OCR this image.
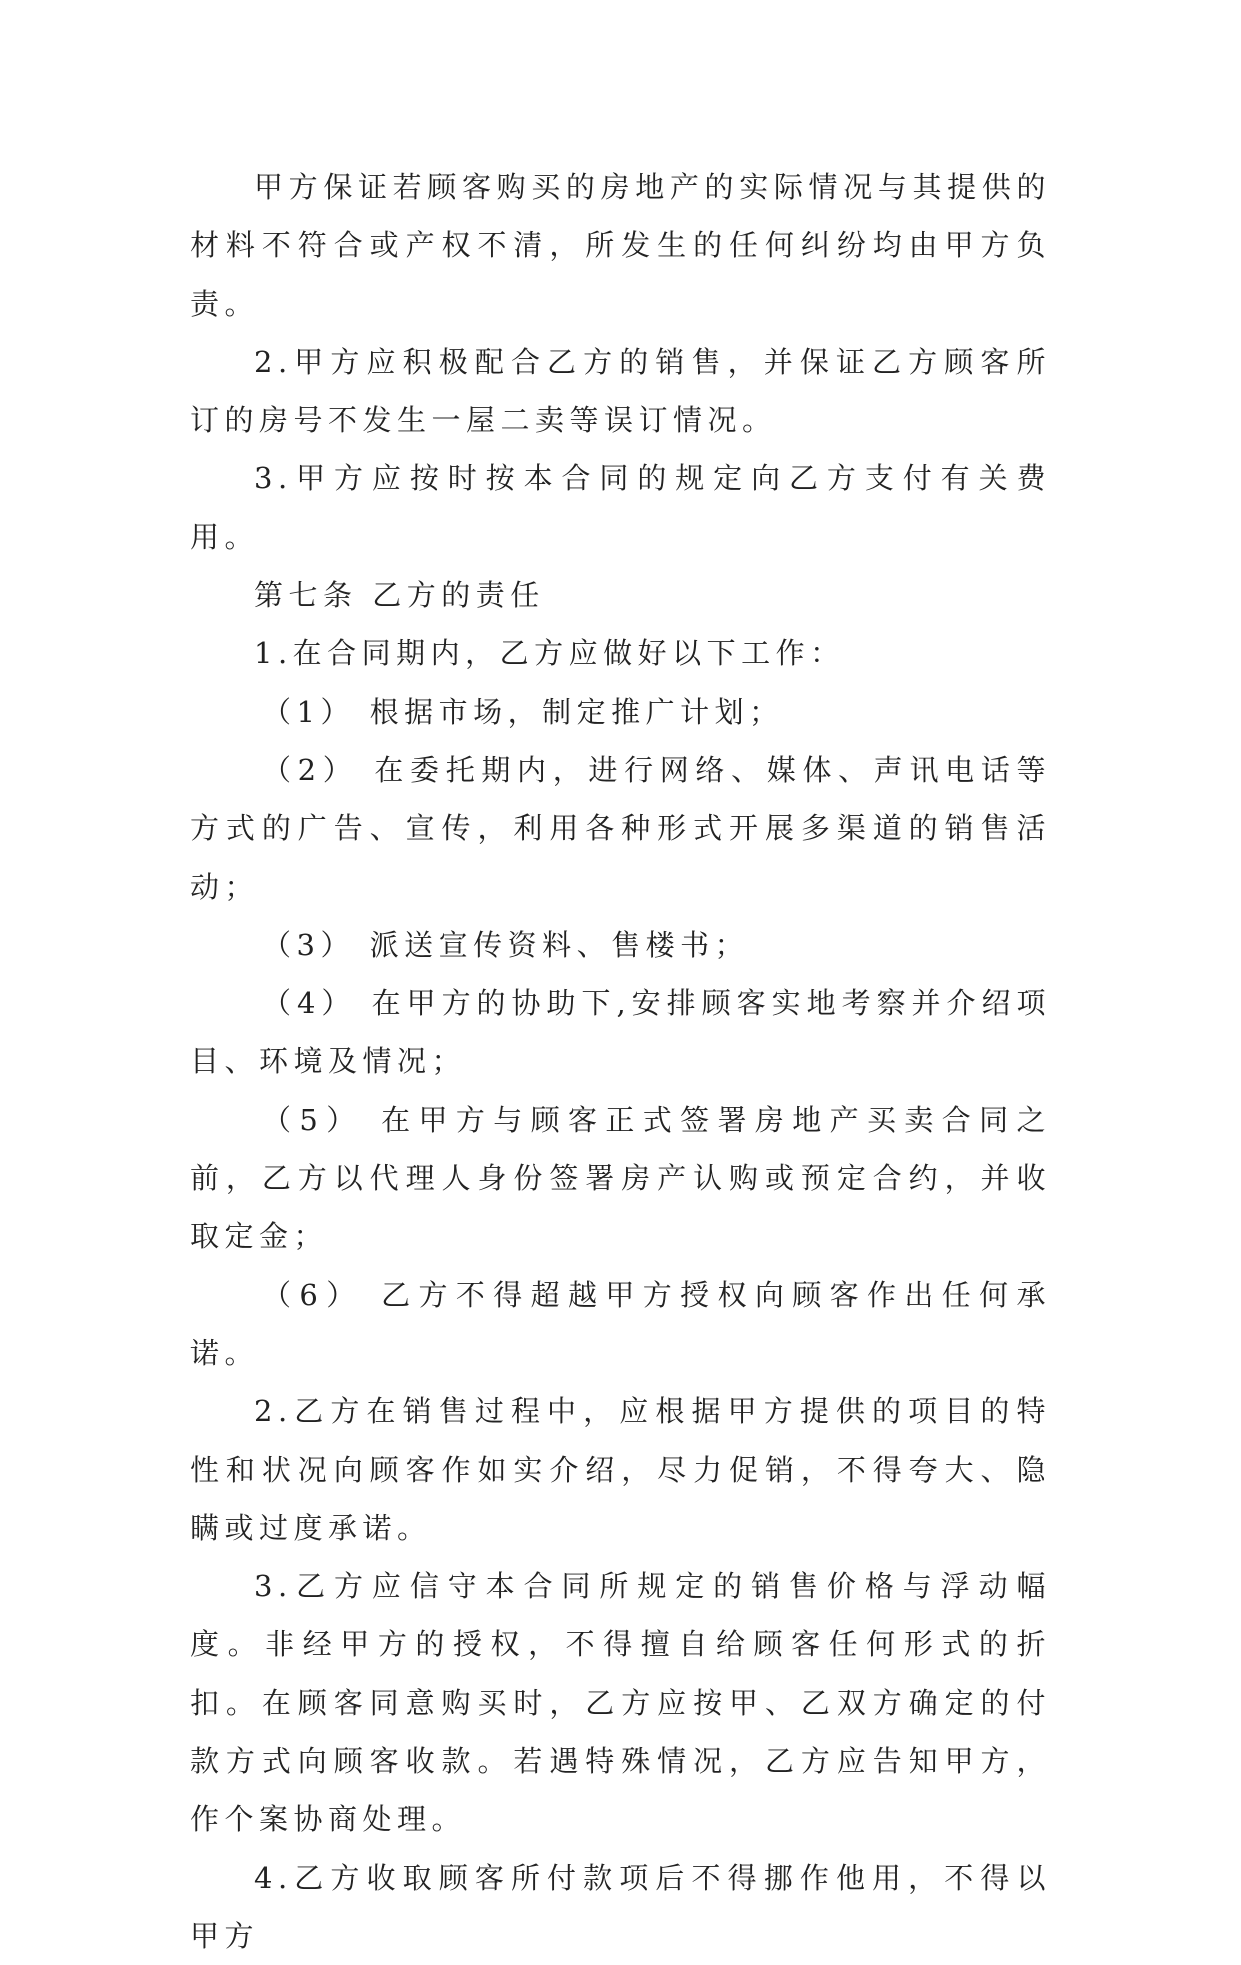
甲方保证若顾客购买的房地产的实际情况与其提供的材料不符合或产权不清，所发生的任何纠纷均由甲方负责。

2.甲方应积极配合乙方的销售，并保证乙方顾客所订的房号不发生一屋二卖等误订情况。

3.甲方应按时按本合同的规定向乙方支付有关费用。

第七条 乙方的责任

1.在合同期内，乙方应做好以下工作：

（1） 根据市场，制定推广计划；

（2） 在委托期内，进行网络、媒体、声讯电话等方式的广告、宣传，利用各种形式开展多渠道的销售活动；

（3） 派送宣传资料、售楼书；

（4） 在甲方的协助下,安排顾客实地考察并介绍项目、环境及情况；

（5） 在甲方与顾客正式签署房地产买卖合同之前，乙方以代理人身份签署房产认购或预定合约，并收取定金；

（6） 乙方不得超越甲方授权向顾客作出任何承诺。

2.乙方在销售过程中，应根据甲方提供的项目的特性和状况向顾客作如实介绍，尽力促销，不得夸大、隐瞒或过度承诺。

3.乙方应信守本合同所规定的销售价格与浮动幅度。非经甲方的授权，不得擅自给顾客任何形式的折扣。在顾客同意购买时，乙方应按甲、乙双方确定的付款方式向顾客收款。若遇特殊情况，乙方应告知甲方，作个案协商处理。

4.乙方收取顾客所付款项后不得挪作他用，不得以甲方
